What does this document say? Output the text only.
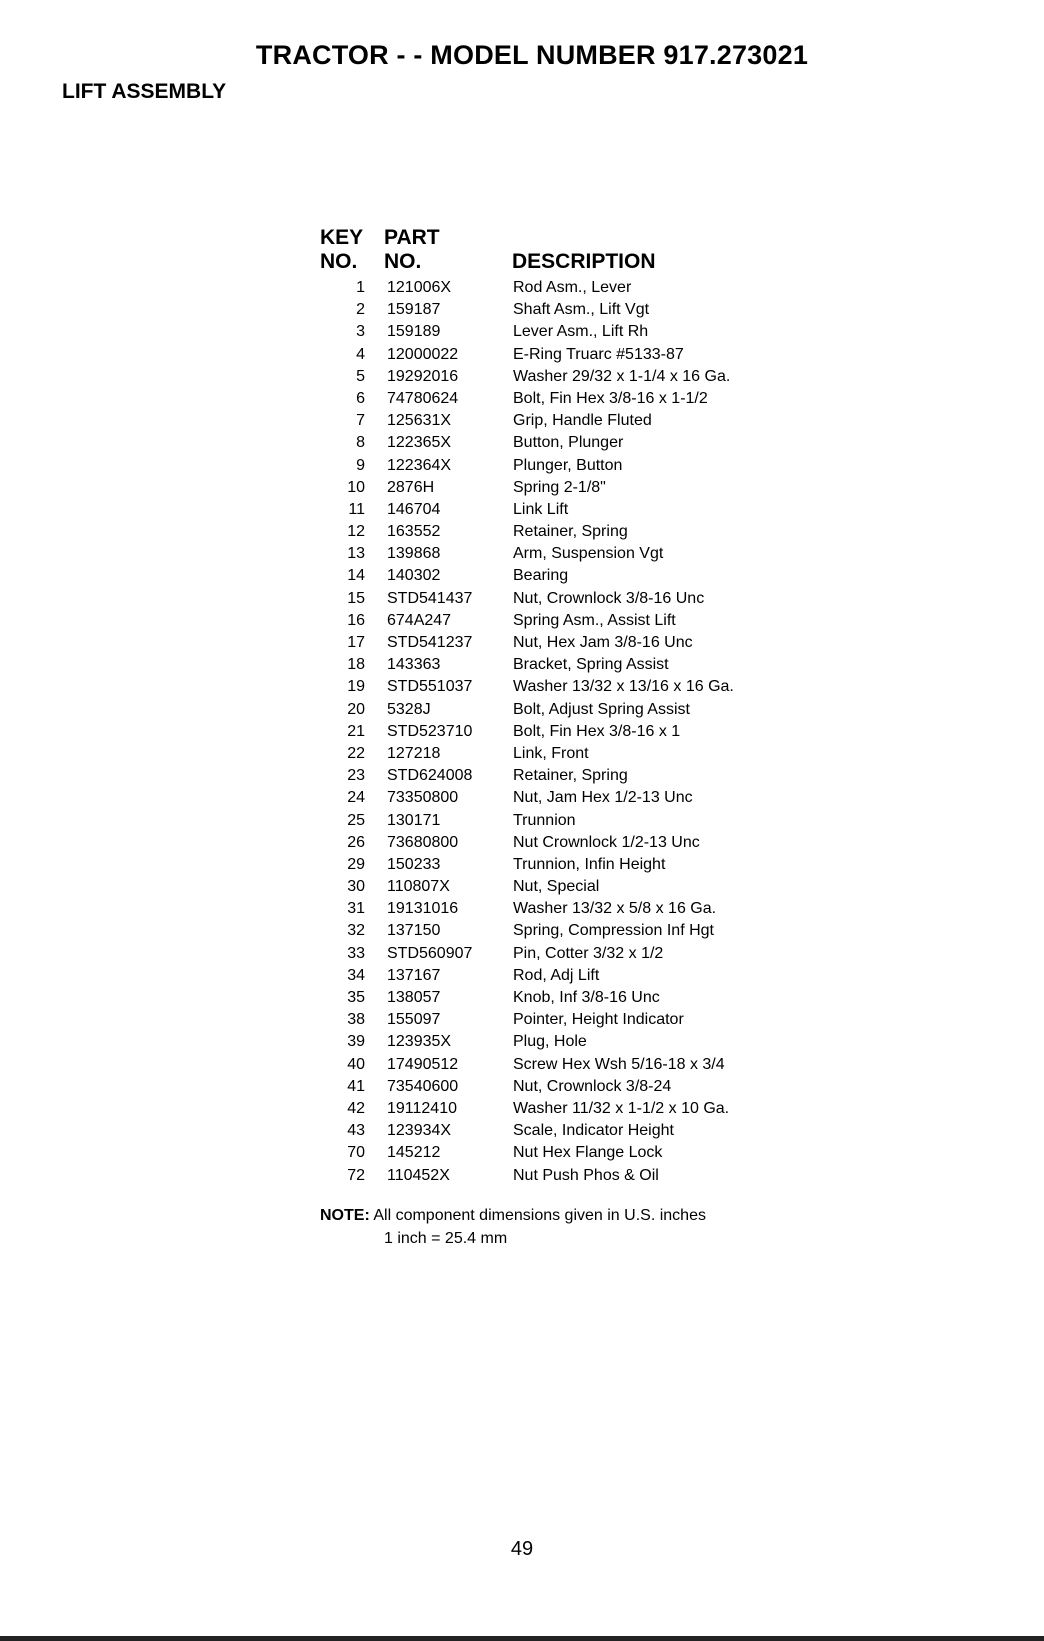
TRACTOR - - MODEL NUMBER 917.273021
LIFT ASSEMBLY
KEY
NO.
PART
NO.	DESCRIPTION
1 121006X	Rod Asm., Lever
2 159187	Shaft Asm., Lift Vgt
3 159189	Lever Asm., Lift Rh
4 12000022	E-Ring Truarc #5133-87
5 19292016	Washer 29/32 x 1-1/4 x 16 Ga.
6 74780624	Bolt, Fin Hex 3/8-16 x 1-1/2
7 125631X	Grip, Handle Fluted
8 122365X	Button, Plunger
9 122364X	Plunger, Button
10 2876H	Spring 2-1/8"
11 146704	Link Lift
12 163552	Retainer, Spring
13 139868	Arm, Suspension Vgt
14 140302	Bearing
15 STD541437	Nut, Crownlock 3/8-16 Unc
16 674A247	Spring Asm., Assist Lift
17 STD541237	Nut, Hex Jam 3/8-16 Unc
18 143363	Bracket, Spring Assist
19 STD551037	Washer 13/32 x 13/16 x 16 Ga.
20 5328J	Bolt, Adjust Spring Assist
21 STD523710	Bolt, Fin Hex 3/8-16 x 1
22 127218	Link, Front
23 STD624008	Retainer, Spring
24 73350800	Nut, Jam Hex 1/2-13 Unc
25 130171	Trunnion
26 73680800	Nut Crownlock 1/2-13 Unc
29 150233	Trunnion, Infin Height
30 110807X	Nut, Special
31 19131016	Washer 13/32 x 5/8 x 16 Ga.
32 137150	Spring, Compression Inf Hgt
33 STD560907	Pin, Cotter 3/32 x 1/2
34 137167	Rod, Adj Lift
35 138057	Knob, Inf 3/8-16 Unc
38 155097	Pointer, Height Indicator
39 123935X	Plug, Hole
40 17490512	Screw Hex Wsh 5/16-18 x 3/4
41 73540600	Nut, Crownlock 3/8-24
42 19112410	Washer 11/32 x 1-1/2 x 10 Ga.
43 123934X	Scale, Indicator Height
70 145212	Nut Hex Flange Lock
72 110452X	Nut Push Phos & Oil
NOTE: All component dimensions given in U.S. inches
1 inch = 25.4 mm
49
